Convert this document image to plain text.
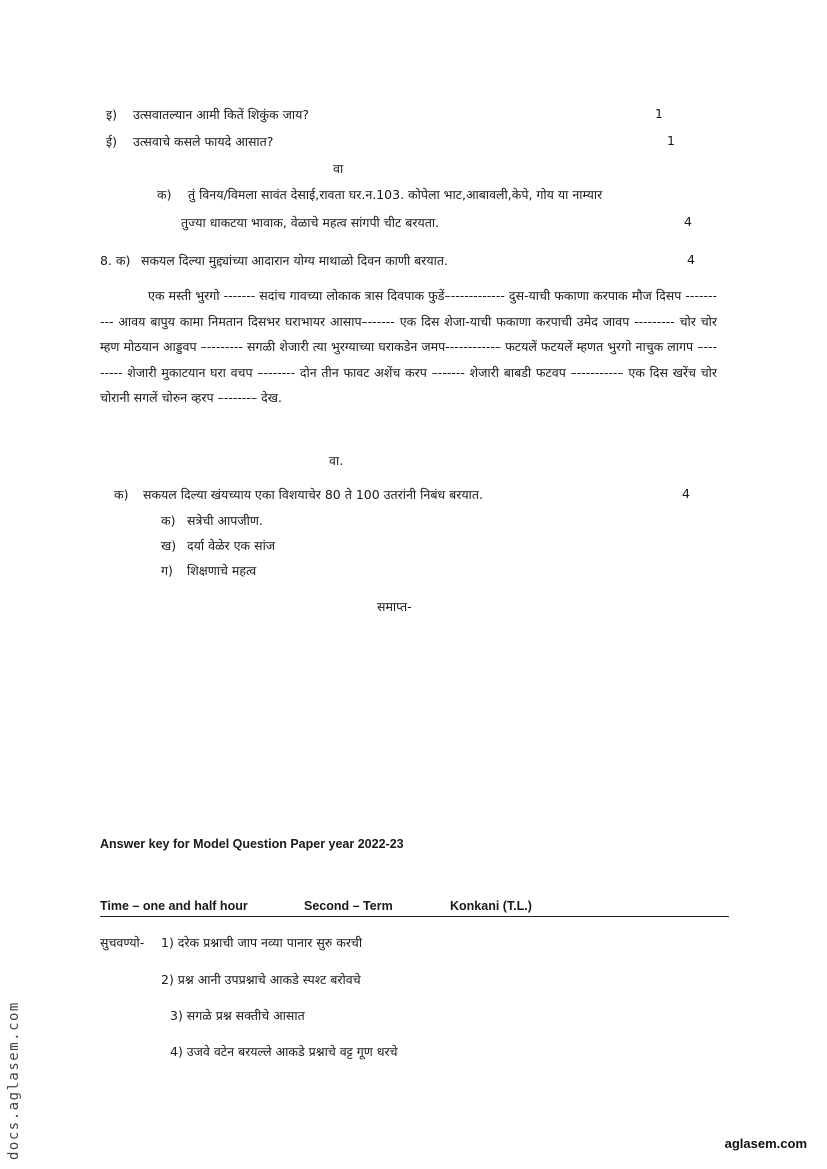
इ) उत्सवातल्यान आमी कितें शिकुंक जाय?	1
ई) उत्सवाचे कसले फायदे आसात?	1
वा
क) तुं विनय/विमला सावंत देसाई,रावता घर.न.103. कोपेला भाट,आबावली,केपे, गोय या नाम्यार
तुज्या धाकटया भावाक, वेळाचे महत्व सांगपी चीट बरयता.	4
8. क) सकयल दिल्या मुद्द्यांच्या आदारान योग्य माथाळो दिवन काणी बरयात.	4
एक मस्ती भुरगो ------- सदांच गावच्या लोकाक त्रास दिवपाक फुडें–------------ दुस-याची फकाणा करपाक मौज दिसप ---------- आवय बापुय कामा निमतान दिसभर घराभायर आसाप–------ एक दिस शेजा-याची फकाणा करपाची उमेद जावप --------- चोर चोर म्हण मोठयान आड्डवप –-------- सगळी शेजारी त्या भुरग्याच्या घराकडेन जमप-----------– फटयलें फटयलें म्हणत भुरगो नाचुक लागप –-------- शेजारी मुकाटयान घरा वचप –------- दोन तीन फावट अशेंच करप –------ शेजारी बाबडी फटवप –---------– एक दिस खरेंच चोर चोरानी सगलें चोरुन व्हरप –------– देख.
वा.
क) सकयल दिल्या खंयच्याय एका विशयाचेर 80 ते 100 उतरांनी निबंध बरयात.	4
क) सत्रेची आपजीण.
ख) दर्या वेळेर एक सांज
ग) शिक्षणाचे महत्व
समाप्त-
Answer key for Model Question Paper year 2022-23
Time – one and half hour	Second – Term	Konkani (T.L.)
सुचवण्यो- 1) दरेक प्रश्नाची जाप नव्या पानार सुरु करची
2) प्रश्न आनी उपप्रश्नाचे आकडे स्पश्ट बरोवचे
3) सगळे प्रश्न सक्तीचे आसात
4) उजवे वटेन बरयल्ले आकडे प्रश्नाचे वट्ट गूण धरचे
docs.aglasem.com	aglasem.com
